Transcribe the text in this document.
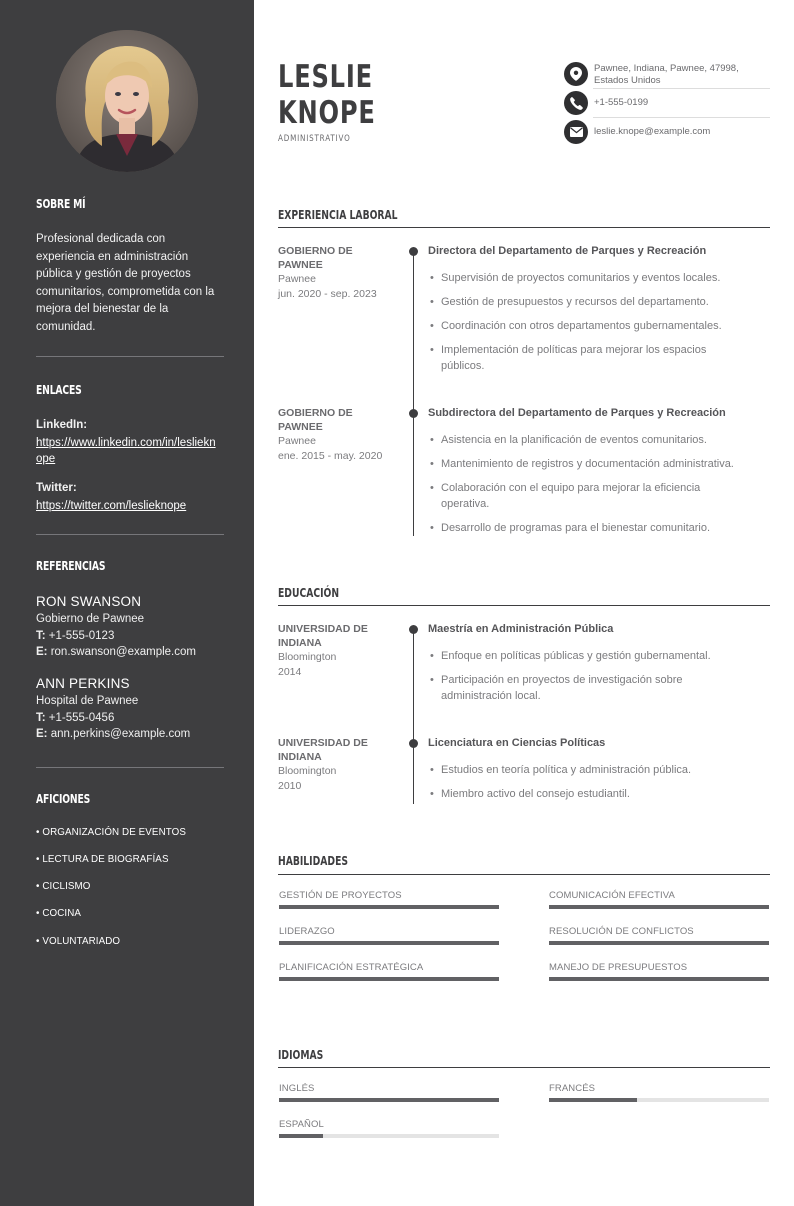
SOBRE MÍ
Profesional dedicada con experiencia en administración pública y gestión de proyectos comunitarios, comprometida con la mejora del bienestar de la comunidad.
ENLACES
LinkedIn:
https://www.linkedin.com/in/leslieknope
Twitter:
https://twitter.com/leslieknope
REFERENCIAS
RON SWANSON
Gobierno de Pawnee
T: +1-555-0123
E: ron.swanson@example.com
ANN PERKINS
Hospital de Pawnee
T: +1-555-0456
E: ann.perkins@example.com
AFICIONES
• ORGANIZACIÓN DE EVENTOS
• LECTURA DE BIOGRAFÍAS
• CICLISMO
• COCINA
• VOLUNTARIADO
LESLIE
KNOPE
ADMINISTRATIVO
Pawnee, Indiana, Pawnee, 47998, Estados Unidos
+1-555-0199
leslie.knope@example.com
EXPERIENCIA LABORAL
GOBIERNO DE PAWNEE
Pawnee
jun. 2020 - sep. 2023
Directora del Departamento de Parques y Recreación
• Supervisión de proyectos comunitarios y eventos locales.
• Gestión de presupuestos y recursos del departamento.
• Coordinación con otros departamentos gubernamentales.
• Implementación de políticas para mejorar los espacios públicos.
GOBIERNO DE PAWNEE
Pawnee
ene. 2015 - may. 2020
Subdirectora del Departamento de Parques y Recreación
• Asistencia en la planificación de eventos comunitarios.
• Mantenimiento de registros y documentación administrativa.
• Colaboración con el equipo para mejorar la eficiencia operativa.
• Desarrollo de programas para el bienestar comunitario.
EDUCACIÓN
UNIVERSIDAD DE INDIANA
Bloomington
2014
Maestría en Administración Pública
• Enfoque en políticas públicas y gestión gubernamental.
• Participación en proyectos de investigación sobre administración local.
UNIVERSIDAD DE INDIANA
Bloomington
2010
Licenciatura en Ciencias Políticas
• Estudios en teoría política y administración pública.
• Miembro activo del consejo estudiantil.
HABILIDADES
GESTIÓN DE PROYECTOS	COMUNICACIÓN EFECTIVA
LIDERAZGO	RESOLUCIÓN DE CONFLICTOS
PLANIFICACIÓN ESTRATÉGICA	MANEJO DE PRESUPUESTOS
IDIOMAS
INGLÉS	FRANCÉS
ESPAÑOL
